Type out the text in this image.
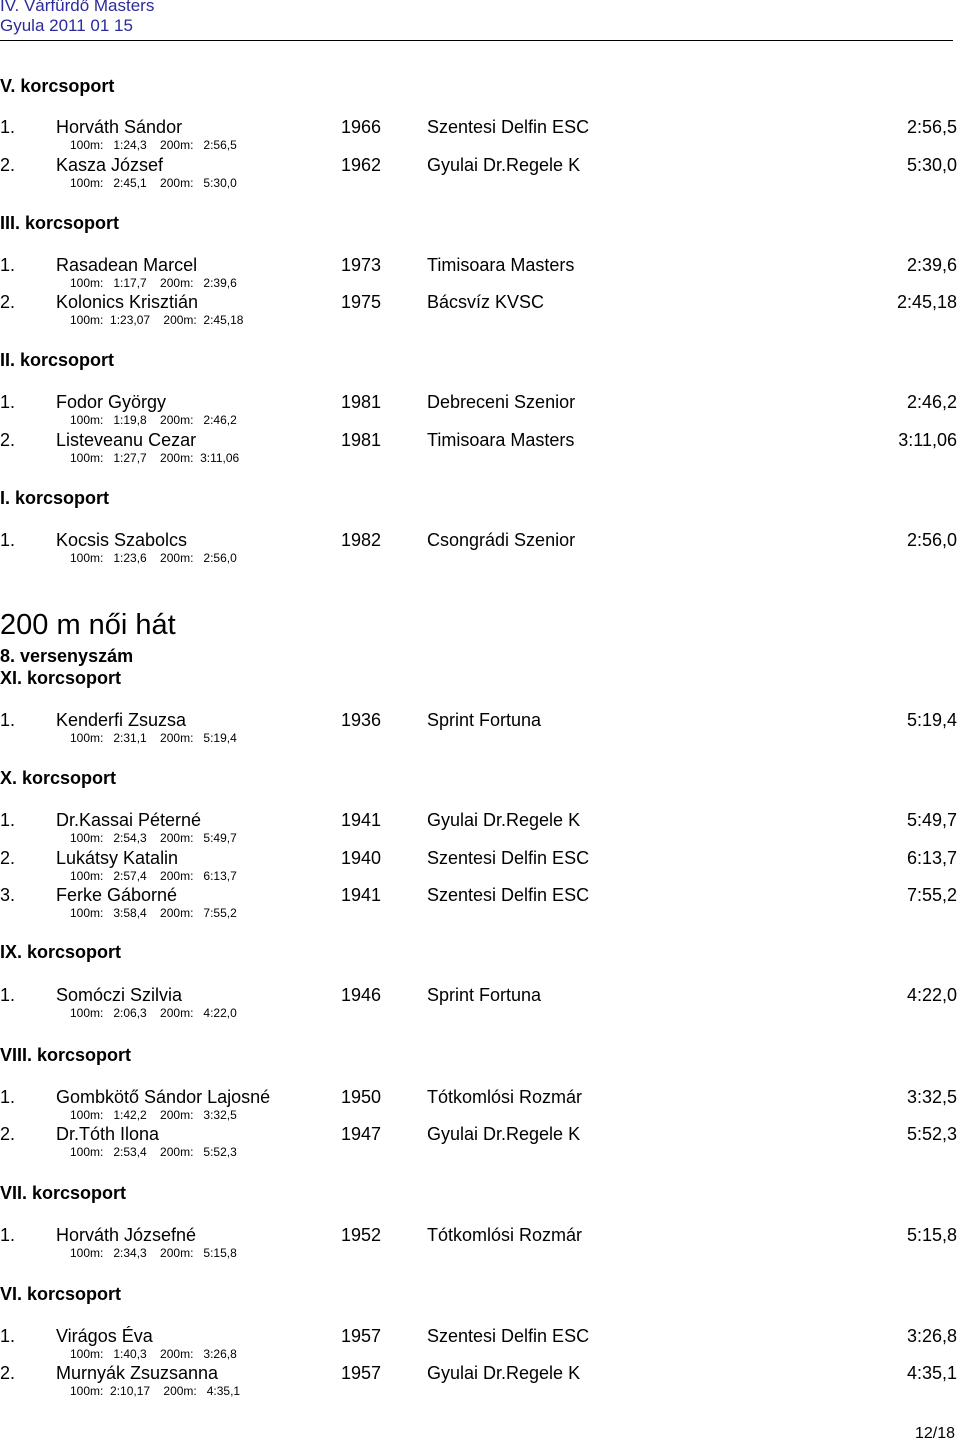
IV. Várfürdő Masters
Gyula 2011 01 15
V. korcsoport
1. Horváth Sándor	1966	Szentesi Delfin ESC	2:56,5
100m:   1:24,3    200m:   2:56,5
2. Kasza József	1962	Gyulai Dr.Regele K	5:30,0
100m:   2:45,1    200m:   5:30,0
III. korcsoport
1. Rasadean Marcel	1973	Timisoara Masters	2:39,6
100m:   1:17,7    200m:   2:39,6
2. Kolonics Krisztián	1975	Bácsvíz KVSC	2:45,18
100m:  1:23,07    200m:  2:45,18
II. korcsoport
1. Fodor György	1981	Debreceni Szenior	2:46,2
100m:   1:19,8    200m:   2:46,2
2. Listeveanu Cezar	1981	Timisoara Masters	3:11,06
100m:   1:27,7    200m:  3:11,06
I. korcsoport
1. Kocsis Szabolcs	1982	Csongrádi Szenior	2:56,0
100m:   1:23,6    200m:   2:56,0
200 m női hát
8. versenyszám
XI. korcsoport
1. Kenderfi Zsuzsa	1936	Sprint Fortuna	5:19,4
100m:   2:31,1    200m:   5:19,4
X. korcsoport
1. Dr.Kassai Péterné	1941	Gyulai Dr.Regele K	5:49,7
100m:   2:54,3    200m:   5:49,7
2. Lukátsy Katalin	1940	Szentesi Delfin ESC	6:13,7
100m:   2:57,4    200m:   6:13,7
3. Ferke Gáborné	1941	Szentesi Delfin ESC	7:55,2
100m:   3:58,4    200m:   7:55,2
IX. korcsoport
1. Somóczi Szilvia	1946	Sprint Fortuna	4:22,0
100m:   2:06,3    200m:   4:22,0
VIII. korcsoport
1. Gombkötő Sándor Lajosné	1950	Tótkomlósi Rozmár	3:32,5
100m:   1:42,2    200m:   3:32,5
2. Dr.Tóth Ilona	1947	Gyulai Dr.Regele K	5:52,3
100m:   2:53,4    200m:   5:52,3
VII. korcsoport
1. Horváth Józsefné	1952	Tótkomlósi Rozmár	5:15,8
100m:   2:34,3    200m:   5:15,8
VI. korcsoport
1. Virágos Éva	1957	Szentesi Delfin ESC	3:26,8
100m:   1:40,3    200m:   3:26,8
2. Murnyák Zsuzsanna	1957	Gyulai Dr.Regele K	4:35,1
100m:  2:10,17    200m:   4:35,1
12/18
